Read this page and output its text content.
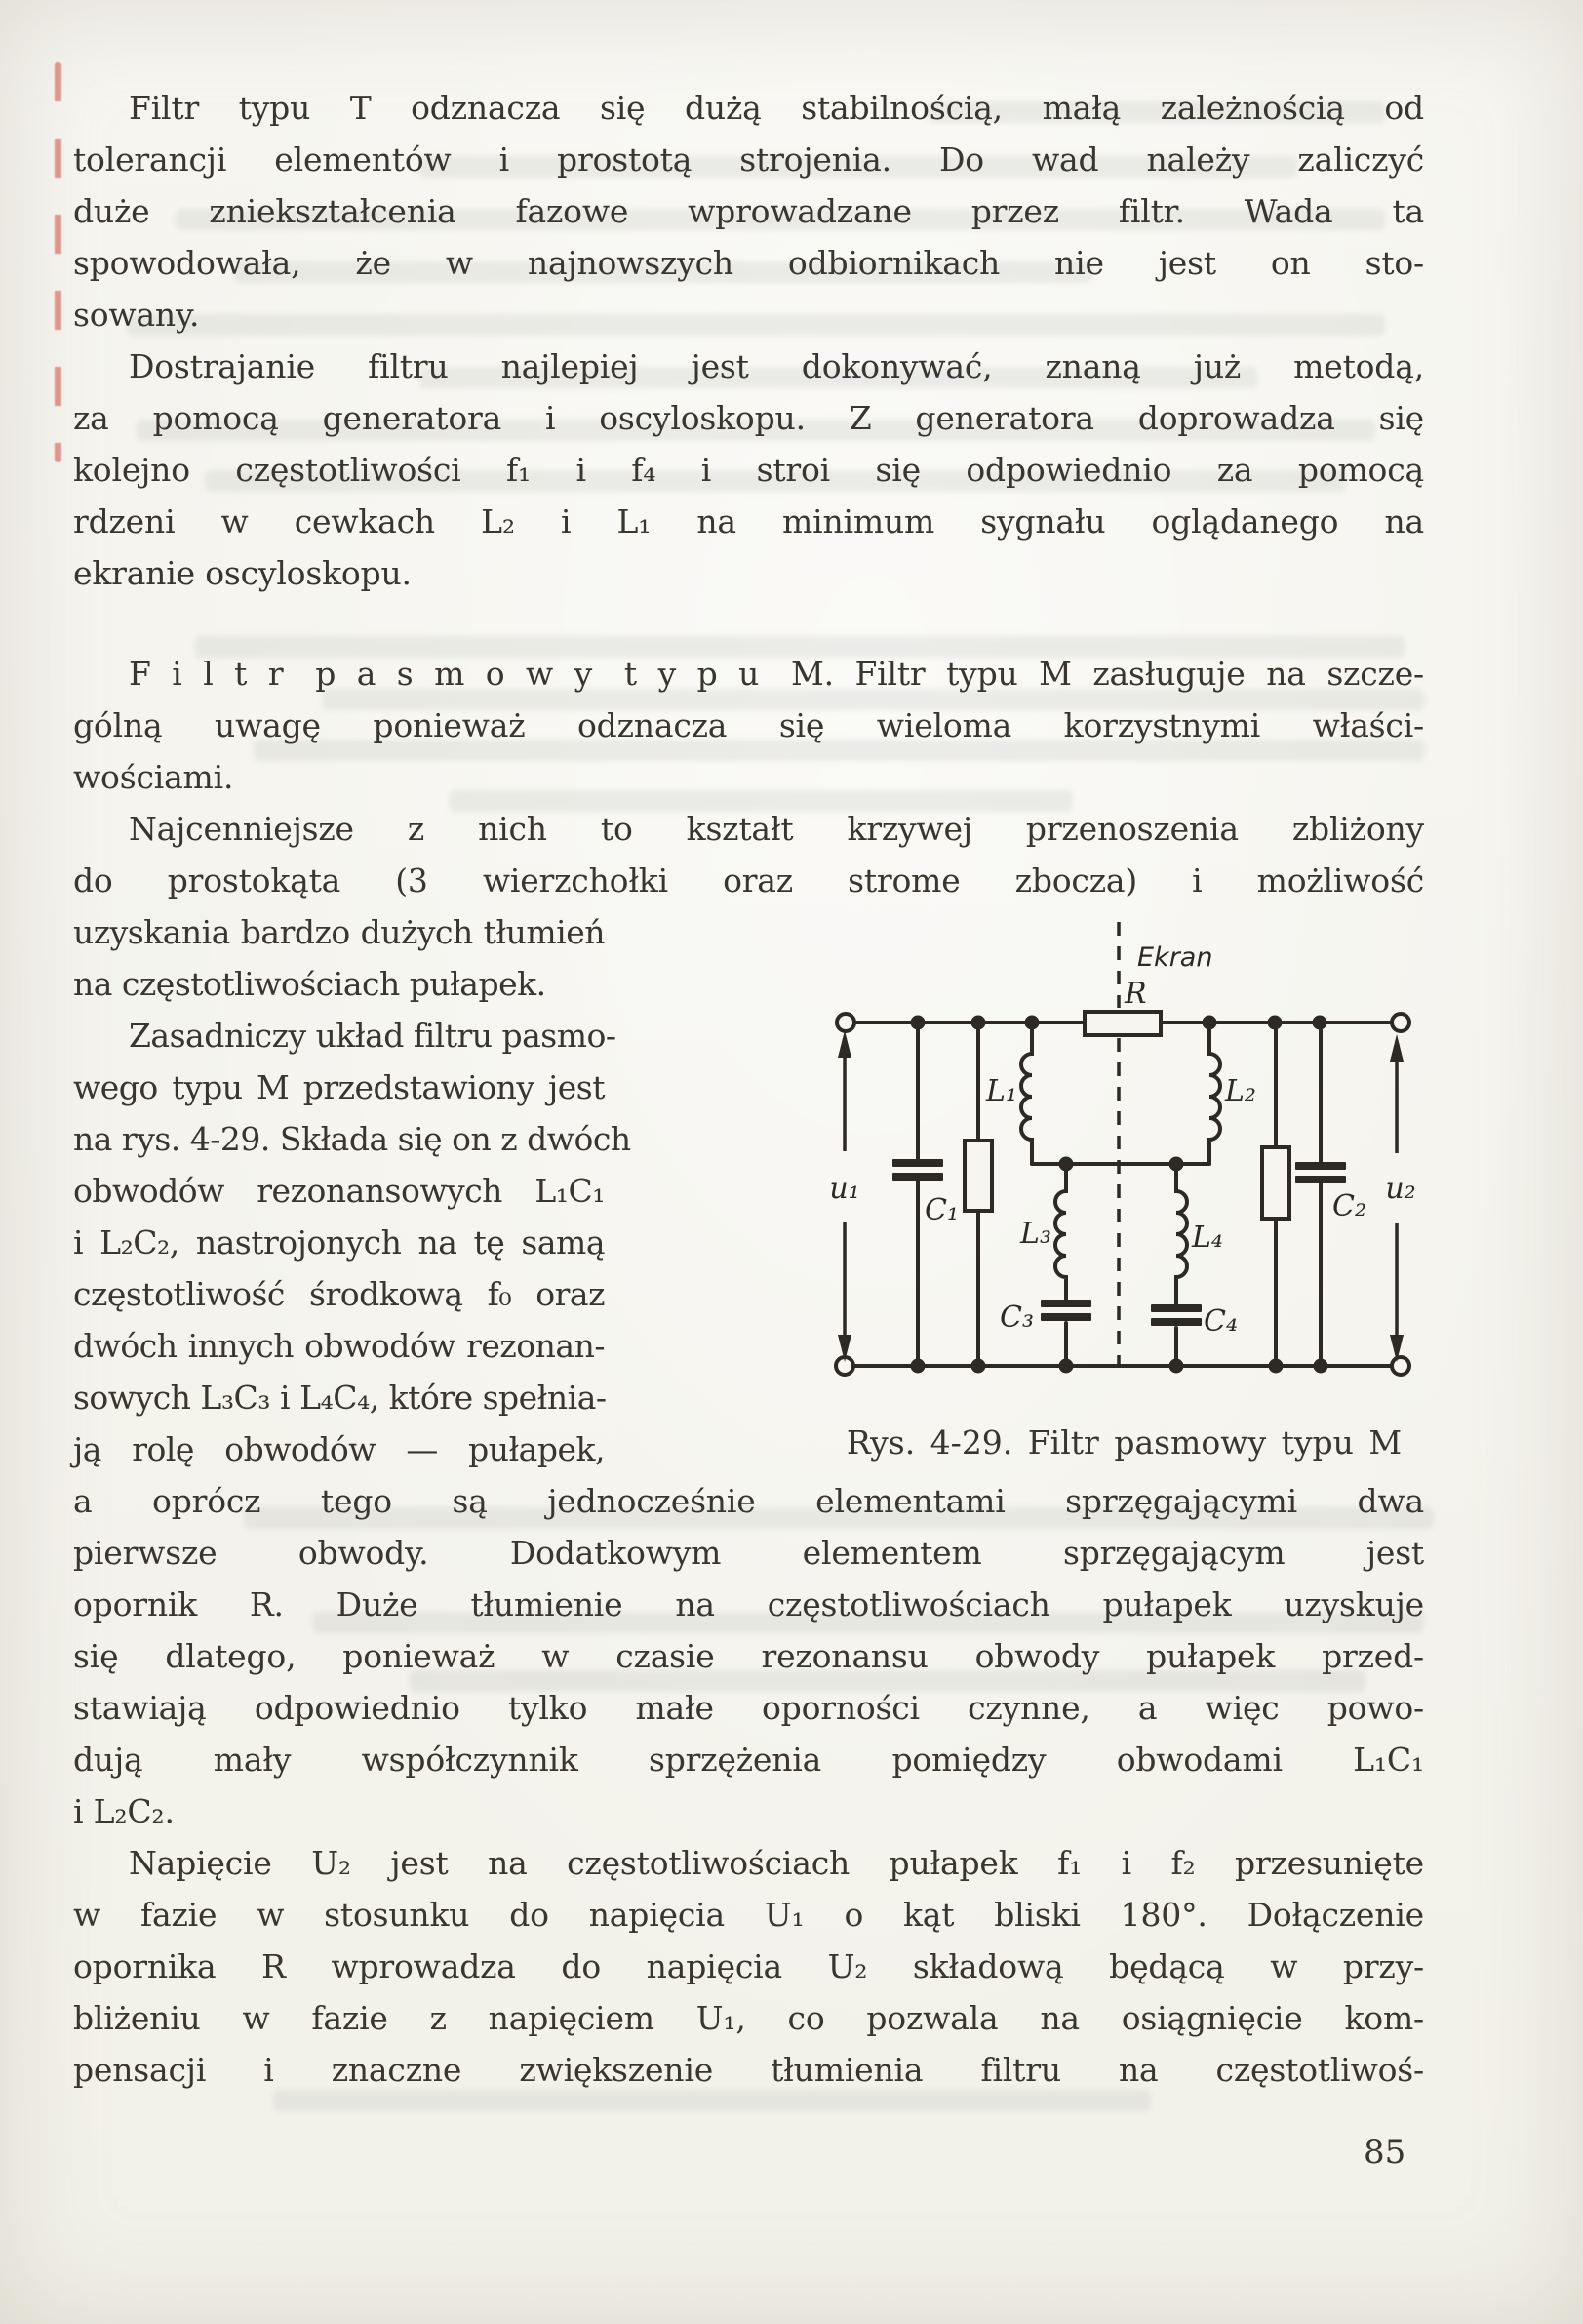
Filtr typu T odznacza się dużą stabilnością, małą zależnością od
tolerancji elementów i prostotą strojenia. Do wad należy zaliczyć
duże zniekształcenia fazowe wprowadzane przez filtr. Wada ta
spowodowała, że w najnowszych odbiornikach nie jest on sto-
sowany.
Dostrajanie filtru najlepiej jest dokonywać, znaną już metodą,
za pomocą generatora i oscyloskopu. Z generatora doprowadza się
kolejno częstotliwości f₁ i f₄ i stroi się odpowiednio za pomocą
rdzeni w cewkach L₂ i L₁ na minimum sygnału oglądanego na
ekranie oscyloskopu.
F i l t r p a s m o w y t y p u M. Filtr typu M zasługuje na szcze-
gólną uwagę ponieważ odznacza się wieloma korzystnymi właści-
wościami.
Najcenniejsze z nich to kształt krzywej przenoszenia zbliżony
do prostokąta (3 wierzchołki oraz strome zbocza) i możliwość
uzyskania bardzo dużych tłumień
na częstotliwościach pułapek.
Zasadniczy układ filtru pasmo-
wego typu M przedstawiony jest
na rys. 4-29. Składa się on z dwóch
obwodów rezonansowych L₁C₁
i L₂C₂, nastrojonych na tę samą
częstotliwość środkową f₀ oraz
dwóch innych obwodów rezonan-
sowych L₃C₃ i L₄C₄, które spełnia-
ją rolę obwodów — pułapek,
a oprócz tego są jednocześnie elementami sprzęgającymi dwa
pierwsze obwody. Dodatkowym elementem sprzęgającym jest
opornik R. Duże tłumienie na częstotliwościach pułapek uzyskuje
się dlatego, ponieważ w czasie rezonansu obwody pułapek przed-
stawiają odpowiednio tylko małe oporności czynne, a więc powo-
dują mały współczynnik sprzężenia pomiędzy obwodami L₁C₁
i L₂C₂.
Napięcie U₂ jest na częstotliwościach pułapek f₁ i f₂ przesunięte
w fazie w stosunku do napięcia U₁ o kąt bliski 180°. Dołączenie
opornika R wprowadza do napięcia U₂ składową będącą w przy-
bliżeniu w fazie z napięciem U₁, co pozwala na osiągnięcie kom-
pensacji i znaczne zwiększenie tłumienia filtru na częstotliwoś-
Ekran
R
L₁	L₂
L₃	L₄
C₁	C₂
C₃	C₄
u₁	u₂
Rys. 4-29. Filtr pasmowy typu M
85
